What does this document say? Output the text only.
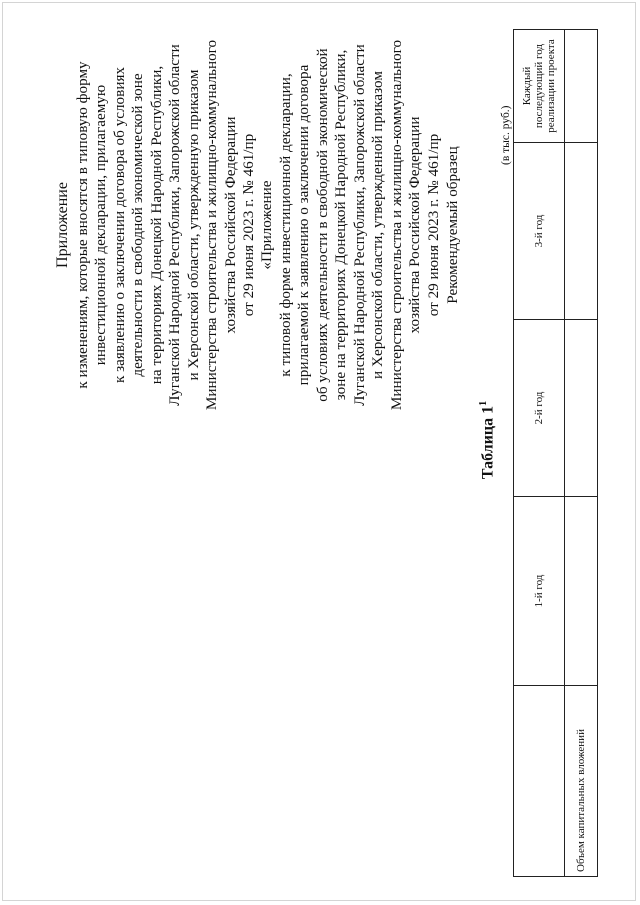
Приложение к изменениям, которые вносятся в типовую форму инвестиционной декларации, прилагаемую к заявлению о заключении договора об условиях деятельности в свободной экономической зоне на территориях Донецкой Народной Республики, Луганской Народной Республики, Запорожской области и Херсонской области, утвержденную приказом Министерства строительства и жилищно-коммунального хозяйства Российской Федерации от 29 июня 2023 г. № 461/пр «Приложение к типовой форме инвестиционной декларации, прилагаемой к заявлению о заключении договора об условиях деятельности в свободной экономической зоне на территориях Донецкой Народной Республики, Луганской Народной Республики, Запорожской области и Херсонской области, утвержденной приказом Министерства строительства и жилищно-коммунального хозяйства Российской Федерации от 29 июня 2023 г. № 461/пр Рекомендуемый образец
Таблица $1^1$
(в тыс. руб.)
	1-й год	2-й год	3-й год	Каждый последующий год реализации проекта
Объем капитальных вложений				
